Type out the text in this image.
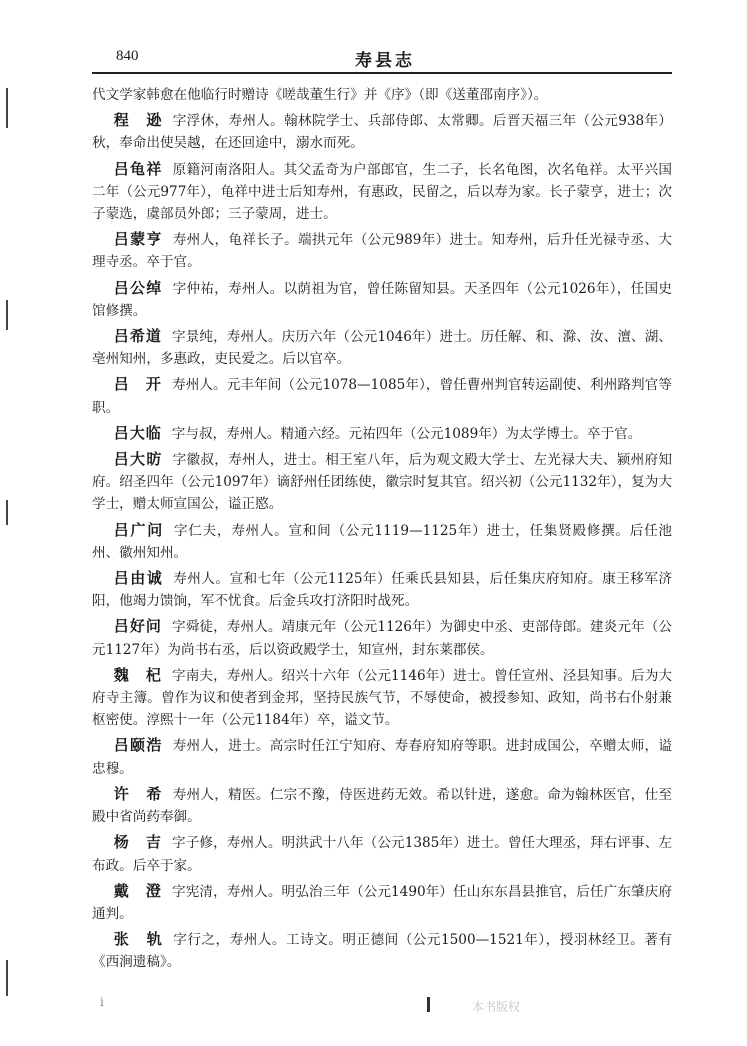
840	寿县志

代文学家韩愈在他临行时赠诗《嗟哉董生行》并《序》（即《送董邵南序》）。

程　逊 字浮休，寿州人。翰林院学士、兵部侍郎、太常卿。后晋天福三年（公元938年）秋，奉命出使吴越，在还回途中，溺水而死。

吕龟祥 原籍河南洛阳人。其父孟奇为户部郎官，生二子，长名龟图，次名龟祥。太平兴国二年（公元977年），龟祥中进士后知寿州，有惠政，民留之，后以寿为家。长子蒙亨，进士；次子蒙选，虞部员外郎；三子蒙周，进士。

吕蒙亨 寿州人，龟祥长子。端拱元年（公元989年）进士。知寿州，后升任光禄寺丞、大理寺丞。卒于官。

吕公绰 字仲祐，寿州人。以荫祖为官，曾任陈留知县。天圣四年（公元1026年），任国史馆修撰。

吕希道 字景纯，寿州人。庆历六年（公元1046年）进士。历任解、和、滁、汝、澶、湖、亳州知州，多惠政，吏民爱之。后以官卒。

吕　开 寿州人。元丰年间（公元1078—1085年），曾任曹州判官转运副使、利州路判官等职。

吕大临 字与叔，寿州人。精通六经。元祐四年（公元1089年）为太学博士。卒于官。

吕大昉 字徽叔，寿州人，进士。相王室八年，后为观文殿大学士、左光禄大夫、颍州府知府。绍圣四年（公元1097年）谪舒州任团练使，徽宗时复其官。绍兴初（公元1132年），复为大学士，赠太师宣国公，谥正愍。

吕广问 字仁夫，寿州人。宣和间（公元1119—1125年）进士，任集贤殿修撰。后任池州、徽州知州。

吕由诚 寿州人。宣和七年（公元1125年）任乘氏县知县，后任集庆府知府。康王移军济阳，他竭力馈饷，军不忧食。后金兵攻打济阳时战死。

吕好问 字舜徒，寿州人。靖康元年（公元1126年）为御史中丞、吏部侍郎。建炎元年（公元1127年）为尚书右丞，后以资政殿学士，知宣州，封东莱郡侯。

魏　杞 字南夫，寿州人。绍兴十六年（公元1146年）进士。曾任宣州、泾县知事。后为大府寺主簿。曾作为议和使者到金邦，坚持民族气节，不辱使命，被授参知、政知，尚书右仆射兼枢密使。淳熙十一年（公元1184年）卒，谥文节。

吕颐浩 寿州人，进士。高宗时任江宁知府、寿春府知府等职。进封成国公，卒赠太师，谥忠穆。

许　希 寿州人，精医。仁宗不豫，侍医进药无效。希以针进，遂愈。命为翰林医官，仕至殿中省尚药奉御。

杨　吉 字子修，寿州人。明洪武十八年（公元1385年）进士。曾任大理丞，拜右评事、左布政。后卒于家。

戴　澄 字宪清，寿州人。明弘治三年（公元1490年）任山东东昌县推官，后任广东肇庆府通判。

张　轨 字行之，寿州人。工诗文。明正德间（公元1500—1521年），授羽林经卫。著有《西涧遗稿》。

i	本书版权
